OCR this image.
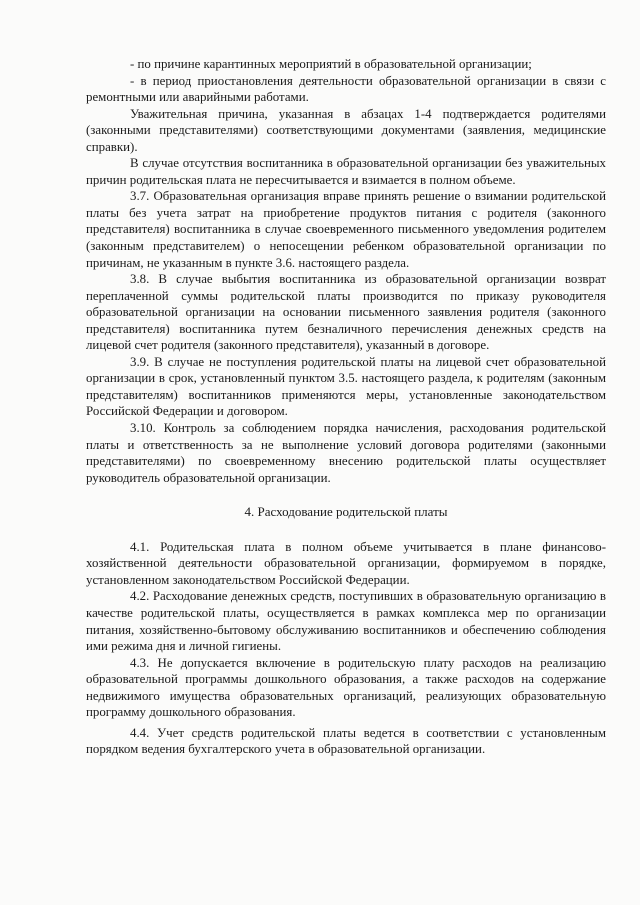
- по причине карантинных мероприятий в образовательной организации;

- в период приостановления деятельности образовательной организации в связи с ремонтными или аварийными работами.

Уважительная причина, указанная в абзацах 1-4 подтверждается родителями (законными представителями) соответствующими документами (заявления, медицинские справки).

В случае отсутствия воспитанника в образовательной организации без уважительных причин родительская плата не пересчитывается и взимается в полном объеме.

3.7. Образовательная организация вправе принять решение о взимании родительской платы без учета затрат на приобретение продуктов питания с родителя (законного представителя) воспитанника в случае своевременного письменного уведомления родителем (законным представителем) о непосещении ребенком образовательной организации по причинам, не указанным в пункте 3.6. настоящего раздела.

3.8. В случае выбытия воспитанника из образовательной организации возврат переплаченной суммы родительской платы производится по приказу руководителя образовательной организации на основании письменного заявления родителя (законного представителя) воспитанника путем безналичного перечисления денежных средств на лицевой счет родителя (законного представителя), указанный в договоре.

3.9. В случае не поступления родительской платы на лицевой счет образовательной организации в срок, установленный пунктом 3.5. настоящего раздела, к родителям (законным представителям) воспитанников применяются меры, установленные законодательством Российской Федерации и договором.

3.10. Контроль за соблюдением порядка начисления, расходования родительской платы и ответственность за не выполнение условий договора родителями (законными представителями) по своевременному внесению родительской платы осуществляет руководитель образовательной организации.

4. Расходование родительской платы

4.1. Родительская плата в полном объеме учитывается в плане финансово-хозяйственной деятельности образовательной организации, формируемом в порядке, установленном законодательством Российской Федерации.

4.2. Расходование денежных средств, поступивших в образовательную организацию в качестве родительской платы, осуществляется в рамках комплекса мер по организации питания, хозяйственно-бытовому обслуживанию воспитанников и обеспечению соблюдения ими режима дня и личной гигиены.

4.3. Не допускается включение в родительскую плату расходов на реализацию образовательной программы дошкольного образования, а также расходов на содержание недвижимого имущества образовательных организаций, реализующих образовательную программу дошкольного образования.

4.4. Учет средств родительской платы ведется в соответствии с установленным порядком ведения бухгалтерского учета в образовательной организации.
